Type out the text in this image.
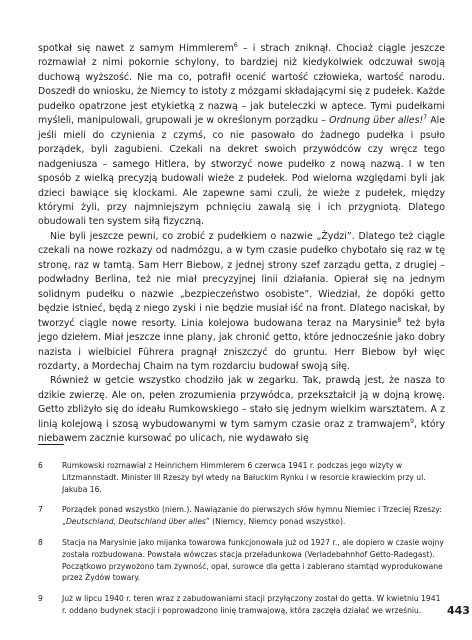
spotkał się nawet z samym Himmlerem$^6$ – i strach zniknął. Chociaż ciągle jeszcze rozmawiał z nimi pokornie schylony, to bardziej niż kiedykolwiek odczuwał swoją duchową wyższość. Nie ma co, potrafił ocenić wartość człowieka, wartość narodu. Doszedł do wniosku, że Niemcy to istoty z mózgami składającymi się z pudełek. Każde pudełko opatrzone jest etykietką z nazwą – jak buteleczki w aptece. Tymi pudełkami myśleli, manipulowali, grupowali je w określonym porządku – Ordnung über alles!$^7$ Ale jeśli mieli do czynienia z czymś, co nie pasowało do żadnego pudełka i psuło porządek, byli zagubieni. Czekali na dekret swoich przywódców czy wręcz tego nadgeniusza – samego Hitlera, by stworzyć nowe pudełko z nową nazwą. I w ten sposób z wielką precyzją budowali wieże z pudełek. Pod wieloma względami byli jak dzieci bawiące się klockami. Ale zapewne sami czuli, że wieże z pudełek, między którymi żyli, przy najmniejszym pchnięciu zawalą się i ich przygniotą. Dlatego obudowali ten system siłą fizyczną.

Nie byli jeszcze pewni, co zrobić z pudełkiem o nazwie „Żydzi”. Dlatego też ciągle czekali na nowe rozkazy od nadmózgu, a w tym czasie pudełko chybotało się raz w tę stronę, raz w tamtą. Sam Herr Biebow, z jednej strony szef zarządu getta, z drugiej – podwładny Berlina, też nie miał precyzyjnej linii działania. Opierał się na jednym solidnym pudełku o nazwie „bezpieczeństwo osobiste”. Wiedział, że dopóki getto będzie istnieć, będą z niego zyski i nie będzie musiał iść na front. Dlatego naciskał, by tworzyć ciągle nowe resorty. Linia kolejowa budowana teraz na Marysinie$^8$ też była jego dziełem. Miał jeszcze inne plany, jak chronić getto, które jednocześnie jako dobry nazista i wielbiciel Führera pragnął zniszczyć do gruntu. Herr Biebow był więc rozdarty, a Mordechaj Chaim na tym rozdarciu budował swoją siłę.

Również w getcie wszystko chodziło jak w zegarku. Tak, prawdą jest, że nasza to dzikie zwierzę. Ale on, pełen zrozumienia przywódca, przekształcił ją w dojną krowę. Getto zbliżyło się do ideału Rumkowskiego – stało się jednym wielkim warsztatem. A z linią kolejową i szosą wybudowanymi w tym samym czasie oraz z tramwajem$^9$, który niebawem zacznie kursować po ulicach, nie wydawało się

6	Rumkowski rozmawiał z Heinrichem Himmlerem 6 czerwca 1941 r. podczas jego wizyty w Litzmannstadt. Minister III Rzeszy był wtedy na Bałuckim Rynku i w resorcie krawieckim przy ul. Jakuba 16.
7	Porządek ponad wszystko (niem.). Nawiązanie do pierwszych słów hymnu Niemiec i Trzeciej Rzeszy: „Deutschland, Deutschland über alles” (Niemcy, Niemcy ponad wszystko).
8	Stacja na Marysinie jako mijanka towarowa funkcjonowała już od 1927 r., ale dopiero w czasie wojny została rozbudowana. Powstała wówczas stacja przeładunkowa (Verladebahnhof Getto-Radegast). Początkowo przywożono tam żywność, opał, surowce dla getta i zabierano stamtąd wyprodukowane przez Żydów towary.
9	Już w lipcu 1940 r. teren wraz z zabudowaniami stacji przyłączony został do getta. W kwietniu 1941 r. oddano budynek stacji i poprowadzono linię tramwajową, która zaczęła działać we wrześniu.	443
